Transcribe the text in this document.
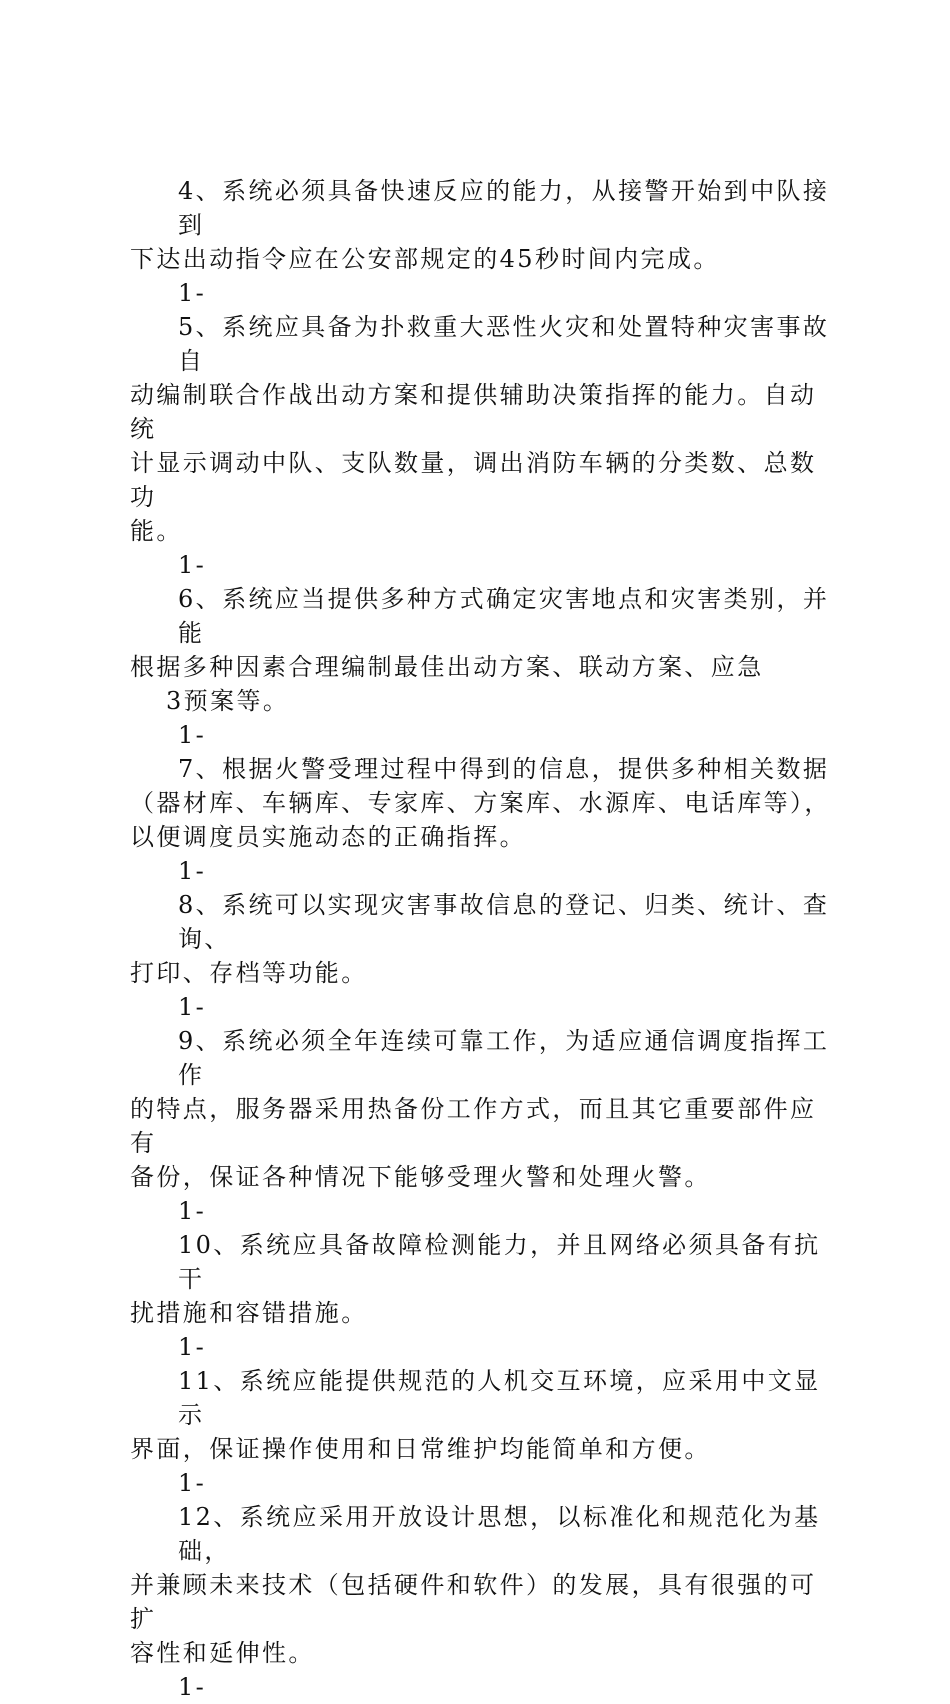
4、系统必须具备快速反应的能力，从接警开始到中队接到
下达出动指令应在公安部规定的45秒时间内完成。
1-
5、系统应具备为扑救重大恶性火灾和处置特种灾害事故自
动编制联合作战出动方案和提供辅助决策指挥的能力。自动统
计显示调动中队、支队数量，调出消防车辆的分类数、总数功
能。
1-
6、系统应当提供多种方式确定灾害地点和灾害类别，并能
根据多种因素合理编制最佳出动方案、联动方案、应急
3预案等。
1-
7、根据火警受理过程中得到的信息，提供多种相关数据
（器材库、车辆库、专家库、方案库、水源库、电话库等），
以便调度员实施动态的正确指挥。
1-
8、系统可以实现灾害事故信息的登记、归类、统计、查询、
打印、存档等功能。
1-
9、系统必须全年连续可靠工作，为适应通信调度指挥工作
的特点，服务器采用热备份工作方式，而且其它重要部件应有
备份，保证各种情况下能够受理火警和处理火警。
1-
10、系统应具备故障检测能力，并且网络必须具备有抗干
扰措施和容错措施。
1-
11、系统应能提供规范的人机交互环境，应采用中文显示
界面，保证操作使用和日常维护均能简单和方便。
1-
12、系统应采用开放设计思想，以标准化和规范化为基础，
并兼顾未来技术（包括硬件和软件）的发展，具有很强的可扩
容性和延伸性。
1-
